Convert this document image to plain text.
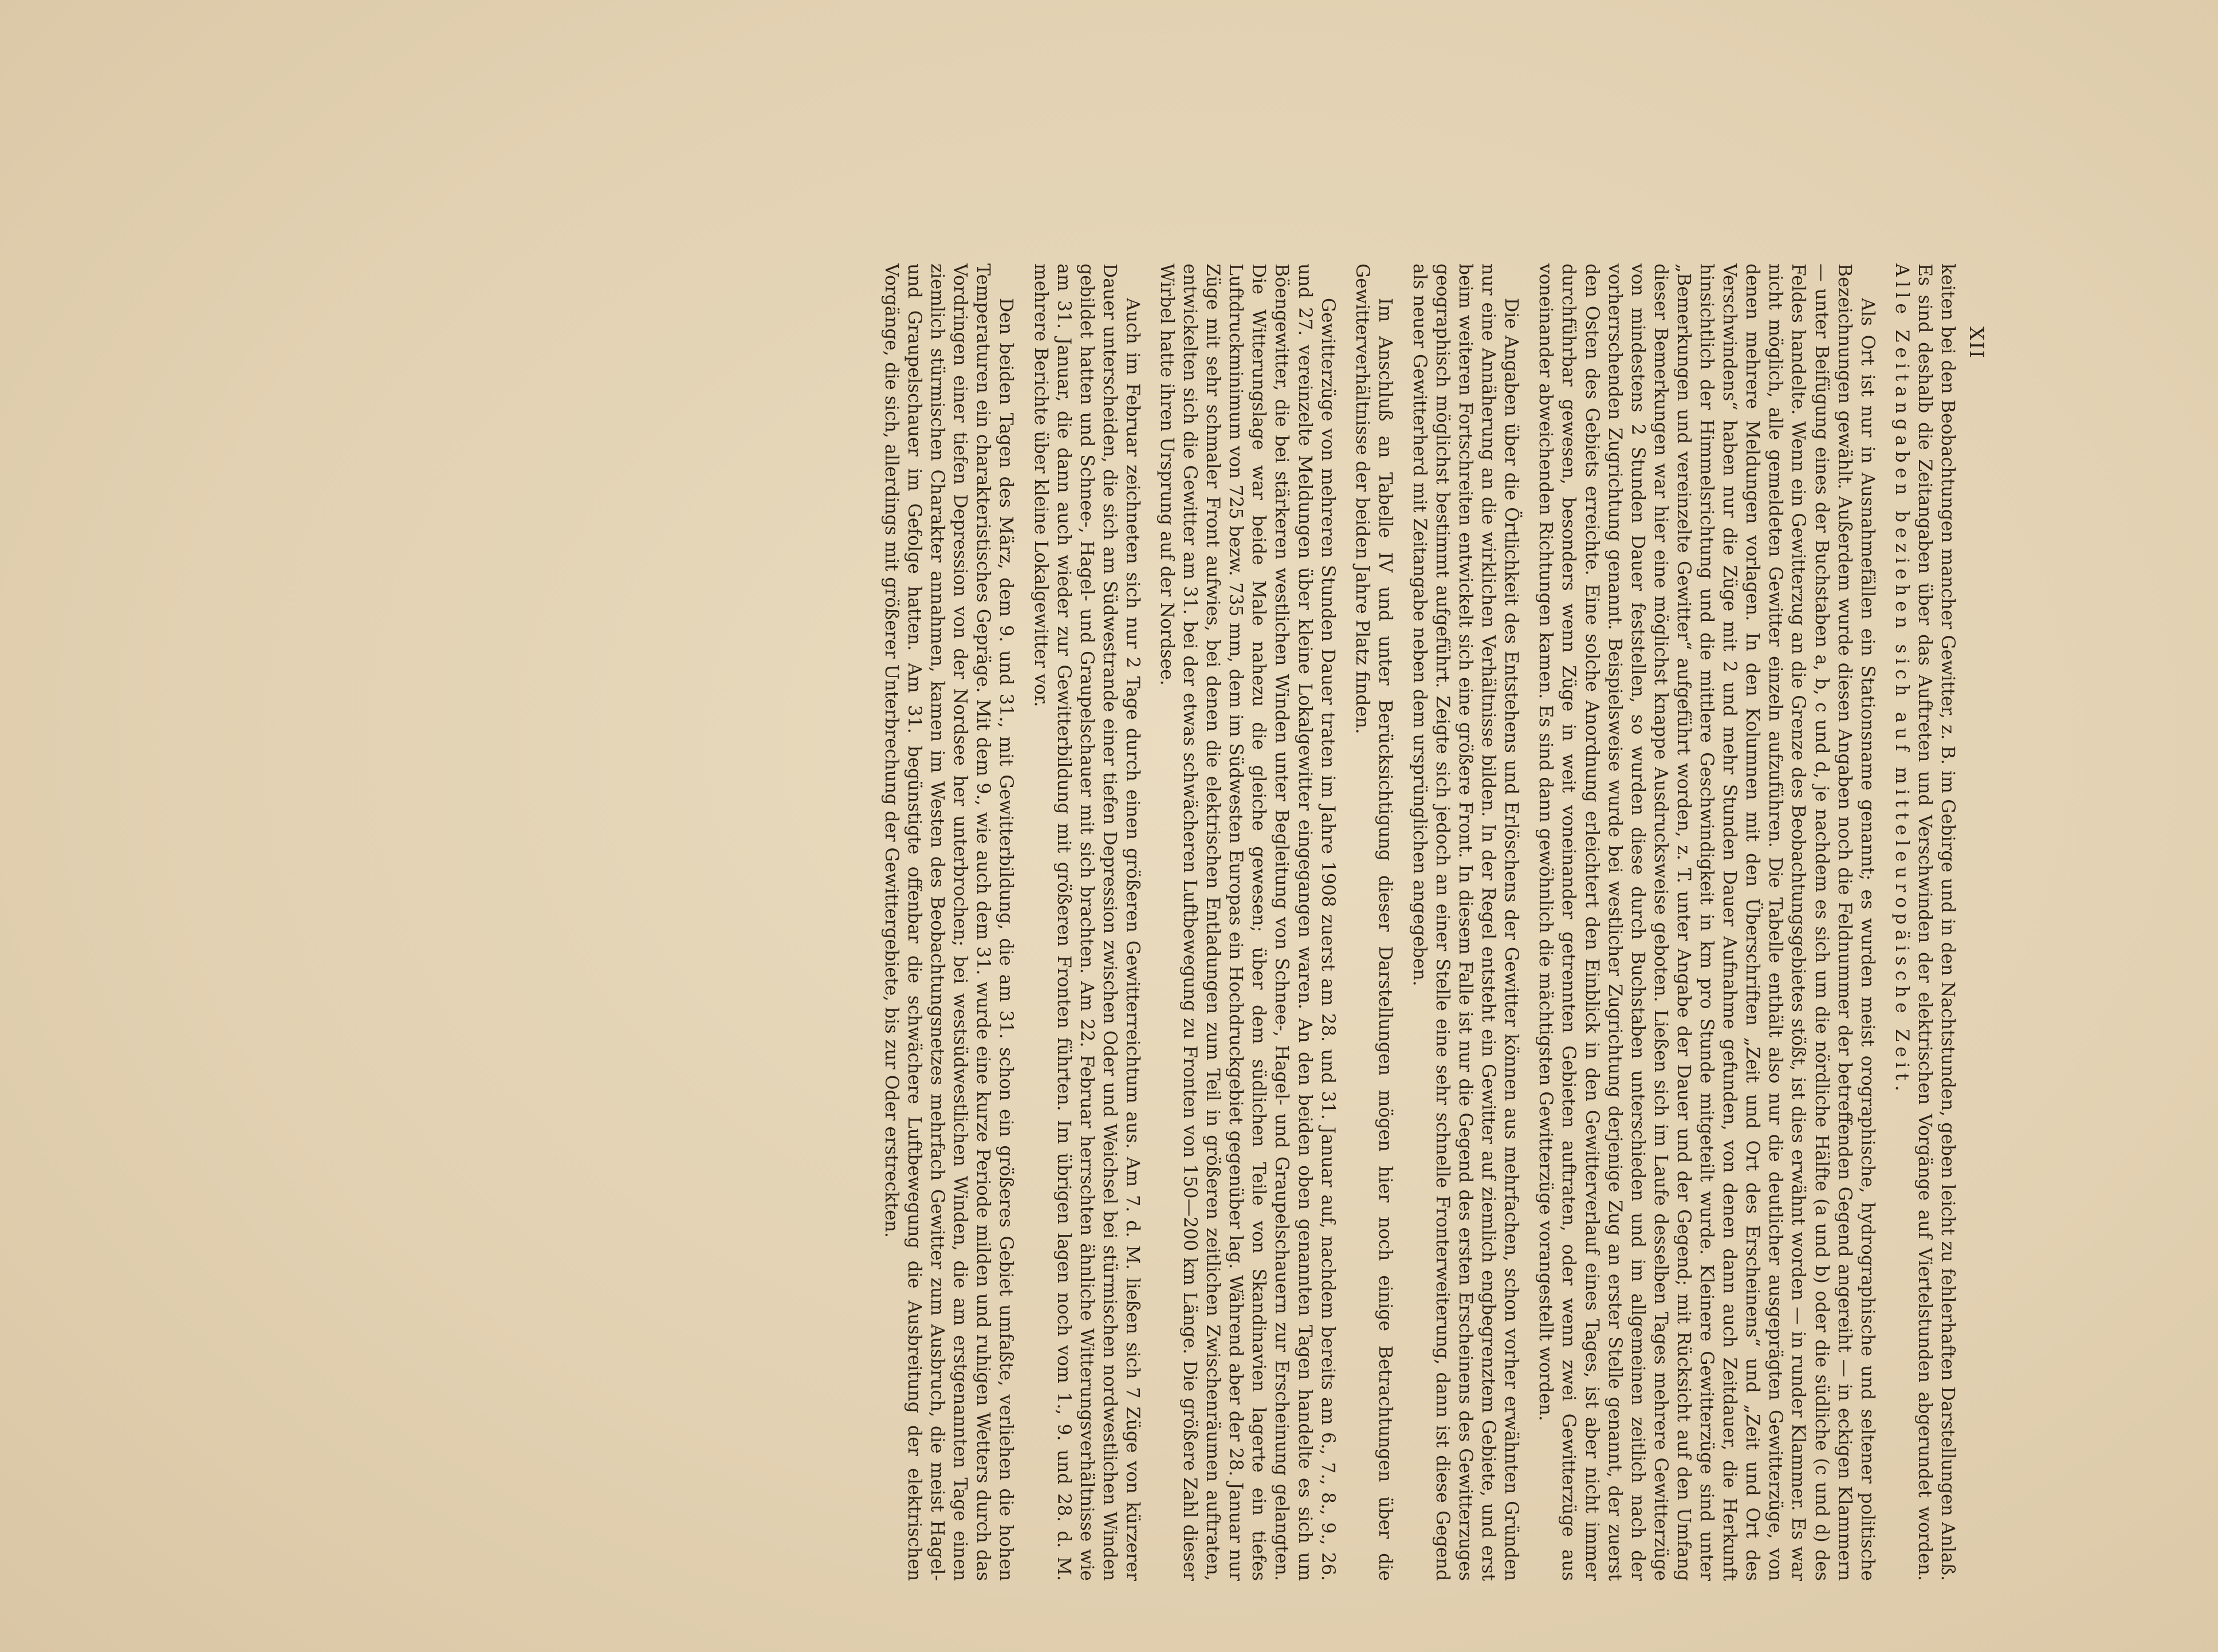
XII

keiten bei den Beobachtungen mancher Gewitter, z. B. im Gebirge und in den Nachtstunden, geben leicht zu fehlerhaften Darstellungen Anlaß. Es sind deshalb die Zeitangaben über das Auftreten und Verschwinden der elektrischen Vorgänge auf Viertelstunden abgerundet worden. Alle Zeitangaben beziehen sich auf mitteleuropäische Zeit.

Als Ort ist nur in Ausnahmefällen ein Stationsname genannt; es wurden meist orographische, hydrographische und seltener politische Bezeichnungen gewählt. Außerdem wurde diesen Angaben noch die Feldnummer der betreffenden Gegend angereiht — in eckigen Klammern — unter Beifügung eines der Buchstaben a, b, c und d, je nachdem es sich um die nördliche Hälfte (a und b) oder die südliche (c und d) des Feldes handelte. Wenn ein Gewitterzug an die Grenze des Beobachtungsgebietes stößt, ist dies erwähnt worden — in runder Klammer. Es war nicht möglich, alle gemeldeten Gewitter einzeln aufzuführen. Die Tabelle enthält also nur die deutlicher ausgeprägten Gewitterzüge, von denen mehrere Meldungen vorlagen. In den Kolumnen mit den Überschriften „Zeit und Ort des Erscheinens“ und „Zeit und Ort des Verschwindens“ haben nur die Züge mit 2 und mehr Stunden Dauer Aufnahme gefunden, von denen dann auch Zeitdauer, die Herkunft hinsichtlich der Himmelsrichtung und die mittlere Geschwindigkeit in km pro Stunde mitgeteilt wurde. Kleinere Gewitterzüge sind unter „Bemerkungen und vereinzelte Gewitter“ aufgeführt worden, z. T. unter Angabe der Dauer und der Gegend; mit Rücksicht auf den Umfang dieser Bemerkungen war hier eine möglichst knappe Ausdrucksweise geboten. Ließen sich im Laufe desselben Tages mehrere Gewitterzüge von mindestens 2 Stunden Dauer feststellen, so wurden diese durch Buchstaben unterschieden und im allgemeinen zeitlich nach der vorherrschenden Zugrichtung genannt. Beispielsweise wurde bei westlicher Zugrichtung derjenige Zug an erster Stelle genannt, der zuerst den Osten des Gebiets erreichte. Eine solche Anordnung erleichtert den Einblick in den Gewitterverlauf eines Tages, ist aber nicht immer durchführbar gewesen, besonders wenn Züge in weit voneinander getrennten Gebieten auftraten, oder wenn zwei Gewitterzüge aus voneinander abweichenden Richtungen kamen. Es sind dann gewöhnlich die mächtigsten Gewitterzüge vorangestellt worden.

Die Angaben über die Örtlichkeit des Entstehens und Erlöschens der Gewitter können aus mehrfachen, schon vorher erwähnten Gründen nur eine Annäherung an die wirklichen Verhältnisse bilden. In der Regel entsteht ein Gewitter auf ziemlich engbegrenztem Gebiete, und erst beim weiteren Fortschreiten entwickelt sich eine größere Front. In diesem Falle ist nur die Gegend des ersten Erscheinens des Gewitterzuges geographisch möglichst bestimmt aufgeführt. Zeigte sich jedoch an einer Stelle eine sehr schnelle Fronterweiterung, dann ist diese Gegend als neuer Gewitterherd mit Zeitangabe neben dem ursprünglichen angegeben.

Im Anschluß an Tabelle IV und unter Berücksichtigung dieser Darstellungen mögen hier noch einige Betrachtungen über die Gewitterverhältnisse der beiden Jahre Platz finden.

Gewitterzüge von mehreren Stunden Dauer traten im Jahre 1908 zuerst am 28. und 31. Januar auf, nachdem bereits am 6., 7., 8., 9., 26. und 27. vereinzelte Meldungen über kleine Lokalgewitter eingegangen waren. An den beiden oben genannten Tagen handelte es sich um Böengewitter, die bei stärkeren westlichen Winden unter Begleitung von Schnee-, Hagel- und Graupelschauern zur Erscheinung gelangten. Die Witterungslage war beide Male nahezu die gleiche gewesen; über dem südlichen Teile von Skandinavien lagerte ein tiefes Luftdruckminimum von 725 bezw. 735 mm, dem im Südwesten Europas ein Hochdruckgebiet gegenüber lag. Während aber der 28. Januar nur Züge mit sehr schmaler Front aufwies, bei denen die elektrischen Entladungen zum Teil in größeren zeitlichen Zwischenräumen auftraten, entwickelten sich die Gewitter am 31. bei der etwas schwächeren Luftbewegung zu Fronten von 150—200 km Länge. Die größere Zahl dieser Wirbel hatte ihren Ursprung auf der Nordsee.

Auch im Februar zeichneten sich nur 2 Tage durch einen größeren Gewitterreichtum aus. Am 7. d. M. ließen sich 7 Züge von kürzerer Dauer unterscheiden, die sich am Südwestrande einer tiefen Depression zwischen Oder und Weichsel bei stürmischen nordwestlichen Winden gebildet hatten und Schnee-, Hagel- und Graupelschauer mit sich brachten. Am 22. Februar herrschten ähnliche Witterungsverhältnisse wie am 31. Januar, die dann auch wieder zur Gewitterbildung mit größeren Fronten führten. Im übrigen lagen noch vom 1., 9. und 28. d. M. mehrere Berichte über kleine Lokalgewitter vor.

Den beiden Tagen des März, dem 9. und 31., mit Gewitterbildung, die am 31. schon ein größeres Gebiet umfaßte, verliehen die hohen Temperaturen ein charakteristisches Gepräge. Mit dem 9., wie auch dem 31. wurde eine kurze Periode milden und ruhigen Wetters durch das Vordringen einer tiefen Depression von der Nordsee her unterbrochen; bei westsüdwestlichen Winden, die am erstgenannten Tage einen ziemlich stürmischen Charakter annahmen, kamen im Westen des Beobachtungsnetzes mehrfach Gewitter zum Ausbruch, die meist Hagel- und Graupelschauer im Gefolge hatten. Am 31. begünstigte offenbar die schwächere Luftbewegung die Ausbreitung der elektrischen Vorgänge, die sich, allerdings mit größerer Unterbrechung der Gewittergebiete, bis zur Oder erstreckten.
